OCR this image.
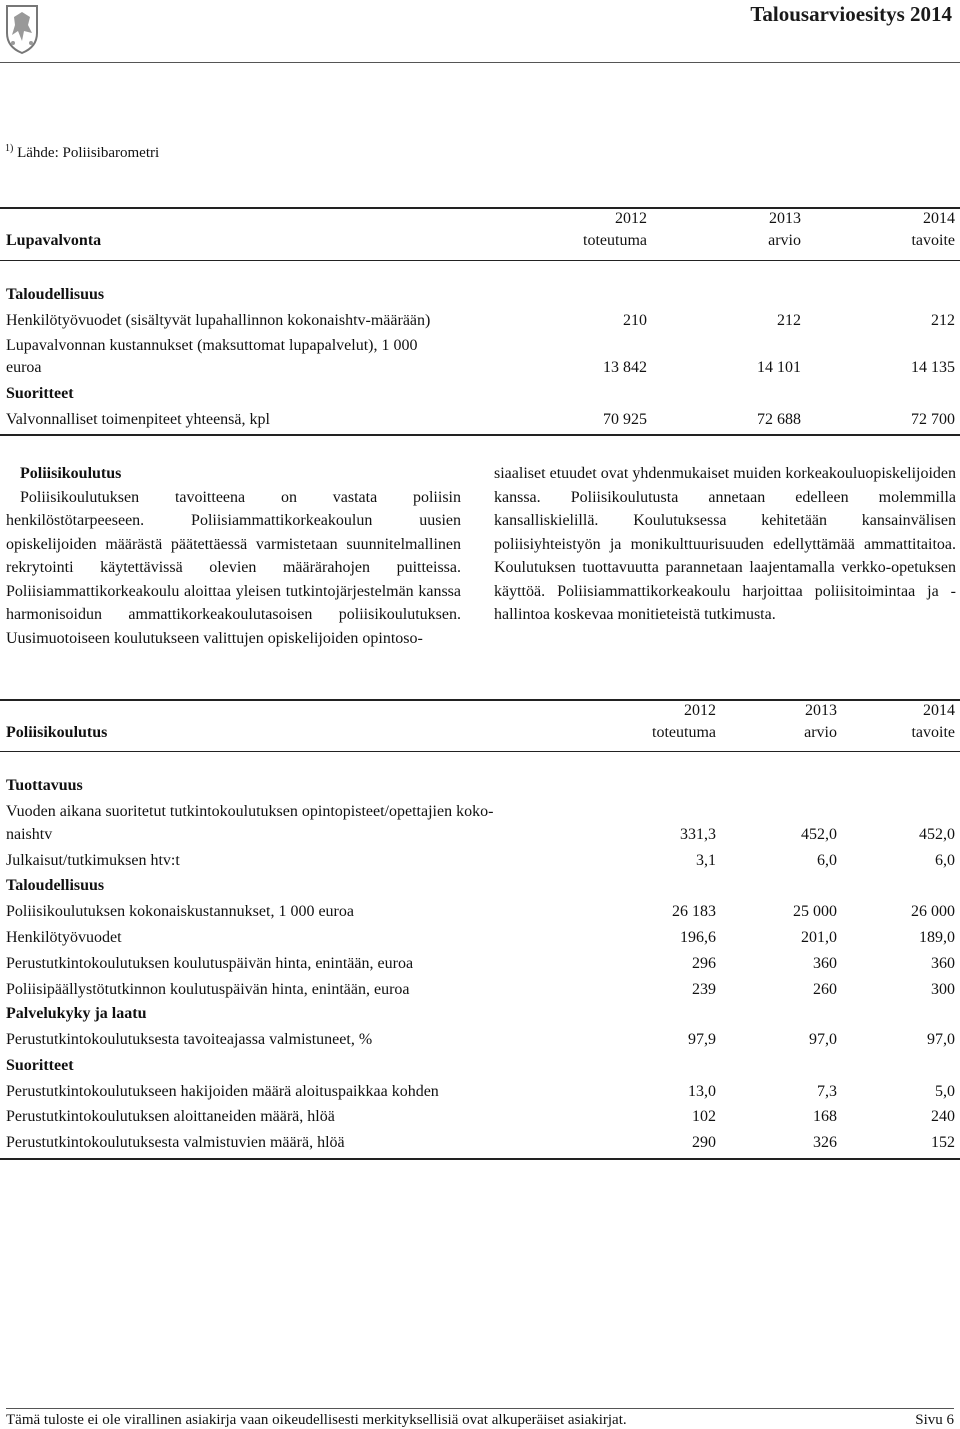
Talousarvioesitys 2014
$^{1)}$ Lähde: Poliisibarometri
2012	2013	2014
Lupavalvonta	toteutuma	arvio	tavoite
Taloudellisuus
Henkilötyövuodet (sisältyvät lupahallinnon kokonaishtv-määrään)	210	212	212
Lupavalvonnan kustannukset (maksuttomat lupapalvelut), 1 000
euroa	13 842	14 101	14 135
Suoritteet
Valvonnalliset toimenpiteet yhteensä, kpl	70 925	72 688	72 700
Poliisikoulutus
Poliisikoulutuksen tavoitteena on vastata poliisin henkilöstötarpeeseen. Poliisiammattikorkeakoulun uusien opiskelijoiden määrästä päätettäessä varmistetaan suunnitelmallinen rekrytointi käytettävissä olevien määrärahojen puitteissa. Poliisiammattikorkeakoulu aloittaa yleisen tutkintojärjestelmän kanssa harmonisoidun ammattikorkeakoulutasoisen poliisikoulutuksen. Uusimuotoiseen koulutukseen valittujen opiskelijoiden opintoso-
siaaliset etuudet ovat yhdenmukaiset muiden korkeakouluopiskelijoiden kanssa. Poliisikoulutusta annetaan edelleen molemmilla kansalliskielillä. Koulutuksessa kehitetään kansainvälisen poliisiyhteistyön ja monikulttuurisuuden edellyttämää ammattitaitoa. Koulutuksen tuottavuutta parannetaan laajentamalla verkko-opetuksen käyttöä. Poliisiammattikorkeakoulu harjoittaa poliisitoimintaa ja -hallintoa koskevaa monitieteistä tutkimusta.
2012	2013	2014
Poliisikoulutus	toteutuma	arvio	tavoite
Tuottavuus
Vuoden aikana suoritetut tutkintokoulutuksen opintopisteet/opettajien koko-
naishtv	331,3	452,0	452,0
Julkaisut/tutkimuksen htv:t	3,1	6,0	6,0
Taloudellisuus
Poliisikoulutuksen kokonaiskustannukset, 1 000 euroa	26 183	25 000	26 000
Henkilötyövuodet	196,6	201,0	189,0
Perustutkintokoulutuksen koulutuspäivän hinta, enintään, euroa	296	360	360
Poliisipäällystötutkinnon koulutuspäivän hinta, enintään, euroa	239	260	300
Palvelukyky ja laatu
Perustutkintokoulutuksesta tavoiteajassa valmistuneet, %	97,9	97,0	97,0
Suoritteet
Perustutkintokoulutukseen hakijoiden määrä aloituspaikkaa kohden	13,0	7,3	5,0
Perustutkintokoulutuksen aloittaneiden määrä, hlöä	102	168	240
Perustutkintokoulutuksesta valmistuvien määrä, hlöä	290	326	152
Tämä tuloste ei ole virallinen asiakirja vaan oikeudellisesti merkityksellisiä ovat alkuperäiset asiakirjat.	Sivu 6
